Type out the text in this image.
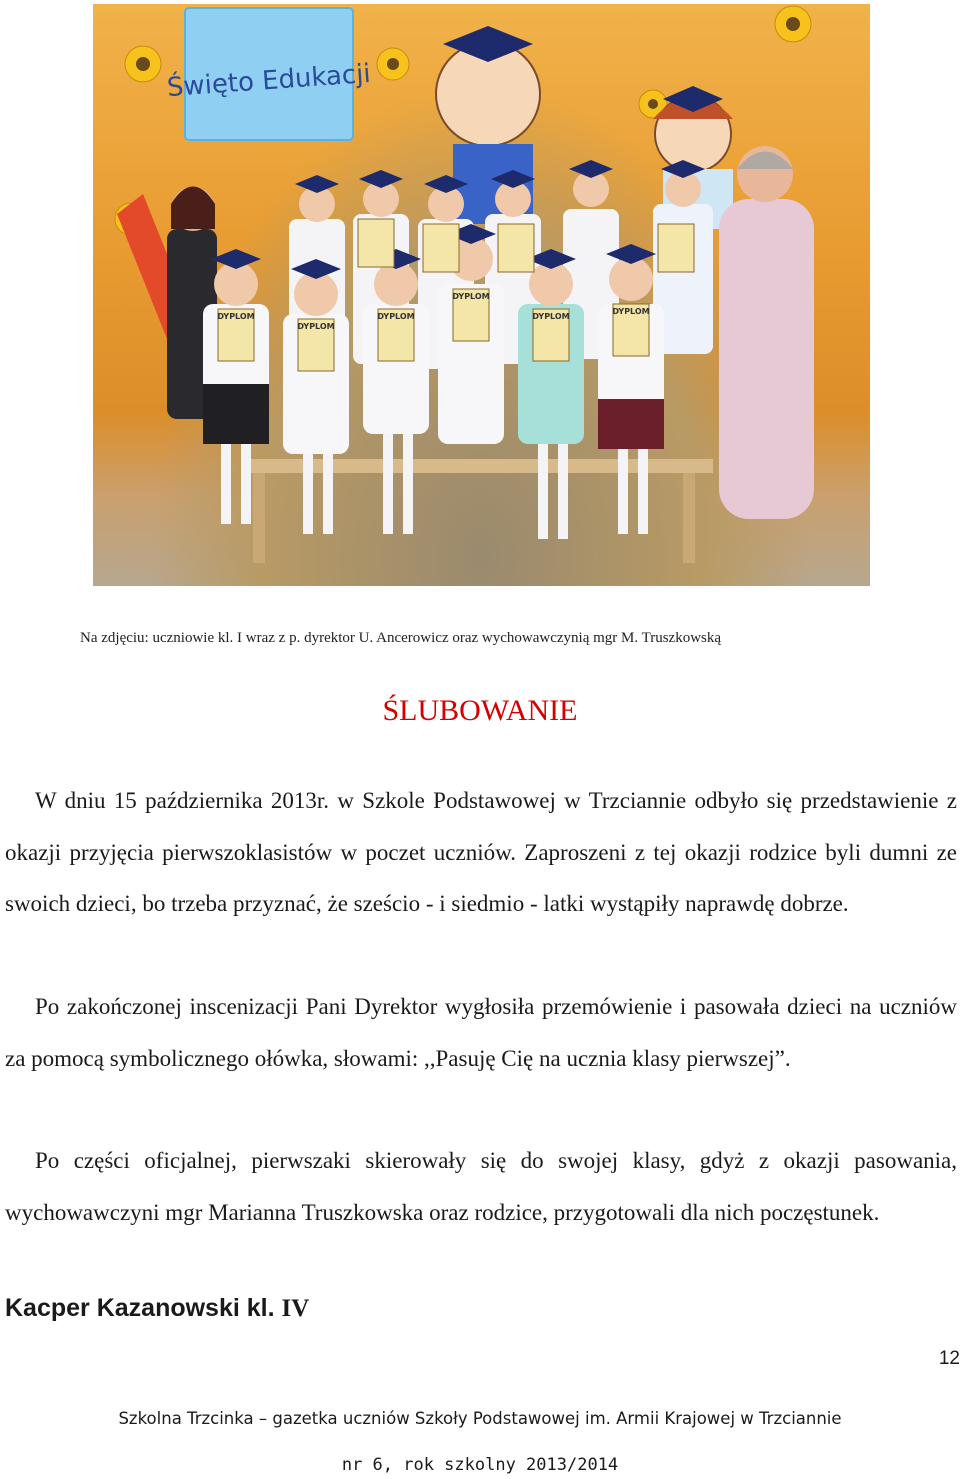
Święto Edukacji
DYPLOM
DYPLOM
DYPLOM
DYPLOM
DYPLOM
DYPLOM
Na zdjęciu: uczniowie kl. I wraz z p. dyrektor U. Ancerowicz oraz wychowawczynią mgr M. Truszkowską
ŚLUBOWANIE
W dniu 15 października 2013r. w Szkole Podstawowej w Trzciannie odbyło się przedstawienie z okazji przyjęcia pierwszoklasistów w poczet uczniów. Zaproszeni z tej okazji rodzice byli dumni ze swoich dzieci, bo trzeba przyznać, że sześcio - i siedmio - latki wystąpiły naprawdę dobrze.
Po zakończonej inscenizacji Pani Dyrektor wygłosiła przemówienie i pasowała dzieci na uczniów za pomocą symbolicznego ołówka, słowami: ,,Pasuję Cię na ucznia klasy pierwszej”.
Po części oficjalnej, pierwszaki skierowały się do swojej klasy, gdyż z okazji pasowania, wychowawczyni mgr Marianna Truszkowska oraz rodzice, przygotowali dla nich poczęstunek.
Kacper Kazanowski kl. IV
12
Szkolna Trzcinka – gazetka uczniów Szkoły Podstawowej im. Armii Krajowej w Trzciannie
nr 6, rok szkolny 2013/2014
